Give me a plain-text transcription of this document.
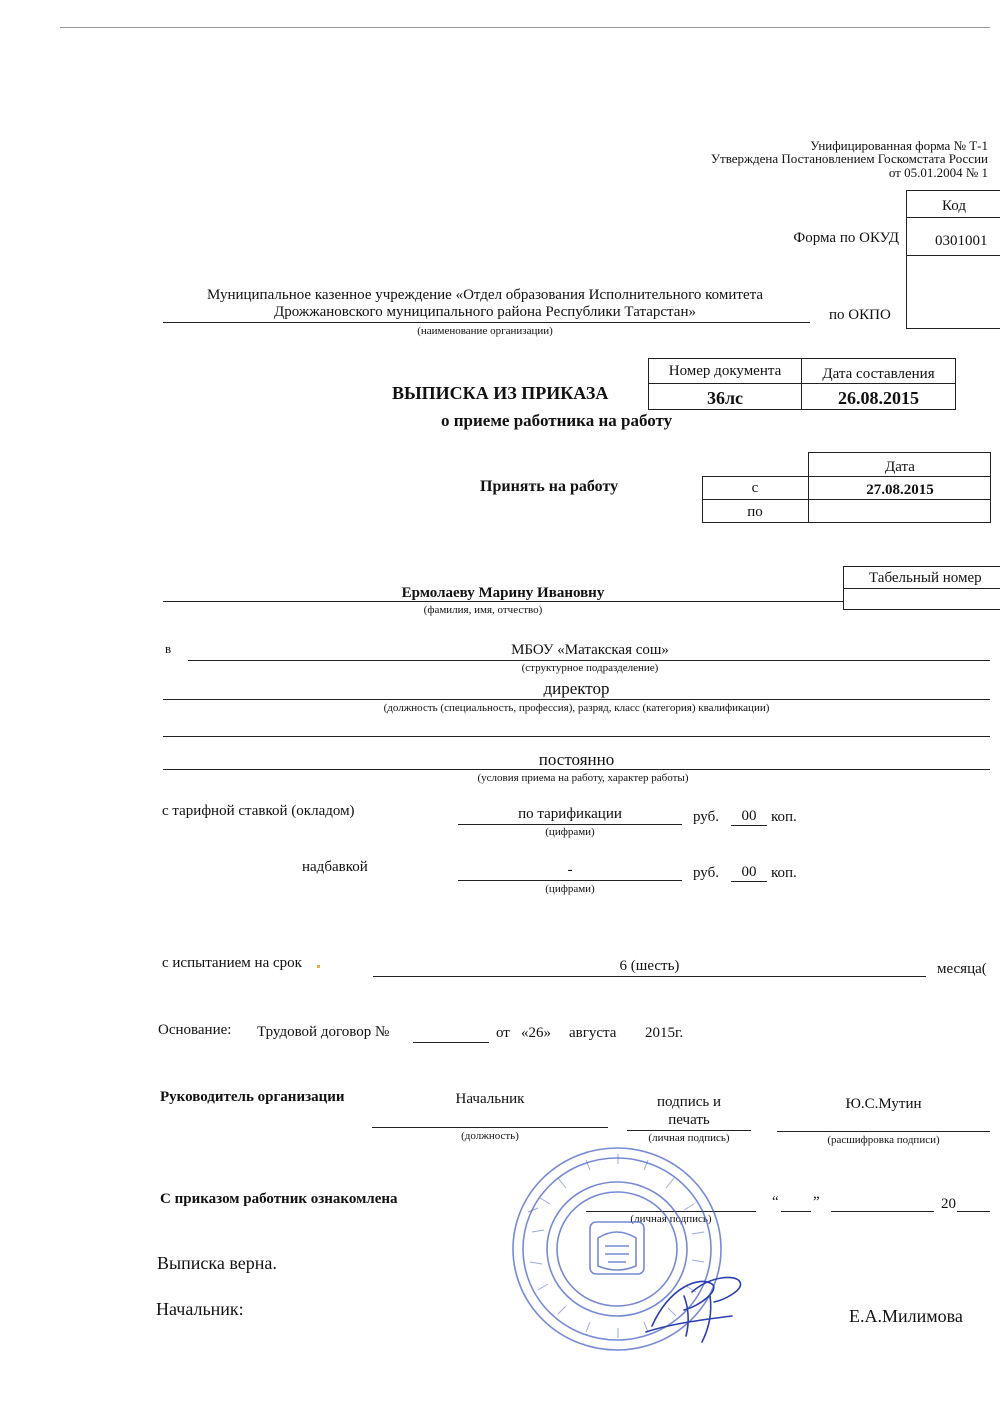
Унифицированная форма № Т-1
Утверждена Постановлением Госкомстата России
от 05.01.2004 № 1
Код
0301001
Форма по ОКУД
по ОКПО
Муниципальное казенное учреждение «Отдел образования Исполнительного комитета
Дрожжановского муниципального района Республики Татарстан»
(наименование организации)
ВЫПИСКА ИЗ ПРИКАЗА
о приеме работника на работу
Номер документа	Дата составления
36лс	26.08.2015
Принять на работу
Дата
с	27.08.2015
по
Ермолаеву Марину Ивановну
(фамилия, имя, отчество)
Табельный номер
в	МБОУ «Матакская сош»
(структурное подразделение)
директор
(должность (специальность, профессия), разряд, класс (категория) квалификации)
постоянно
(условия приема на работу, характер работы)
с тарифной ставкой (окладом)	по тарификации
(цифрами)
руб.	00 коп.
надбавкой	-
(цифрами)
руб.	00 коп.
с испытанием на срок	6 (шесть)	месяца(
Основание: Трудовой договор №	от «26» августа 2015г.
Руководитель организации	Начальник
(должность)
подпись и
печать
(личная подпись)
Ю.С.Мутин
(расшифровка подписи)
С приказом работник ознакомлена
(личная подпись)
“ ”	20
Выписка верна.
Начальник:	Е.А.Милимова
